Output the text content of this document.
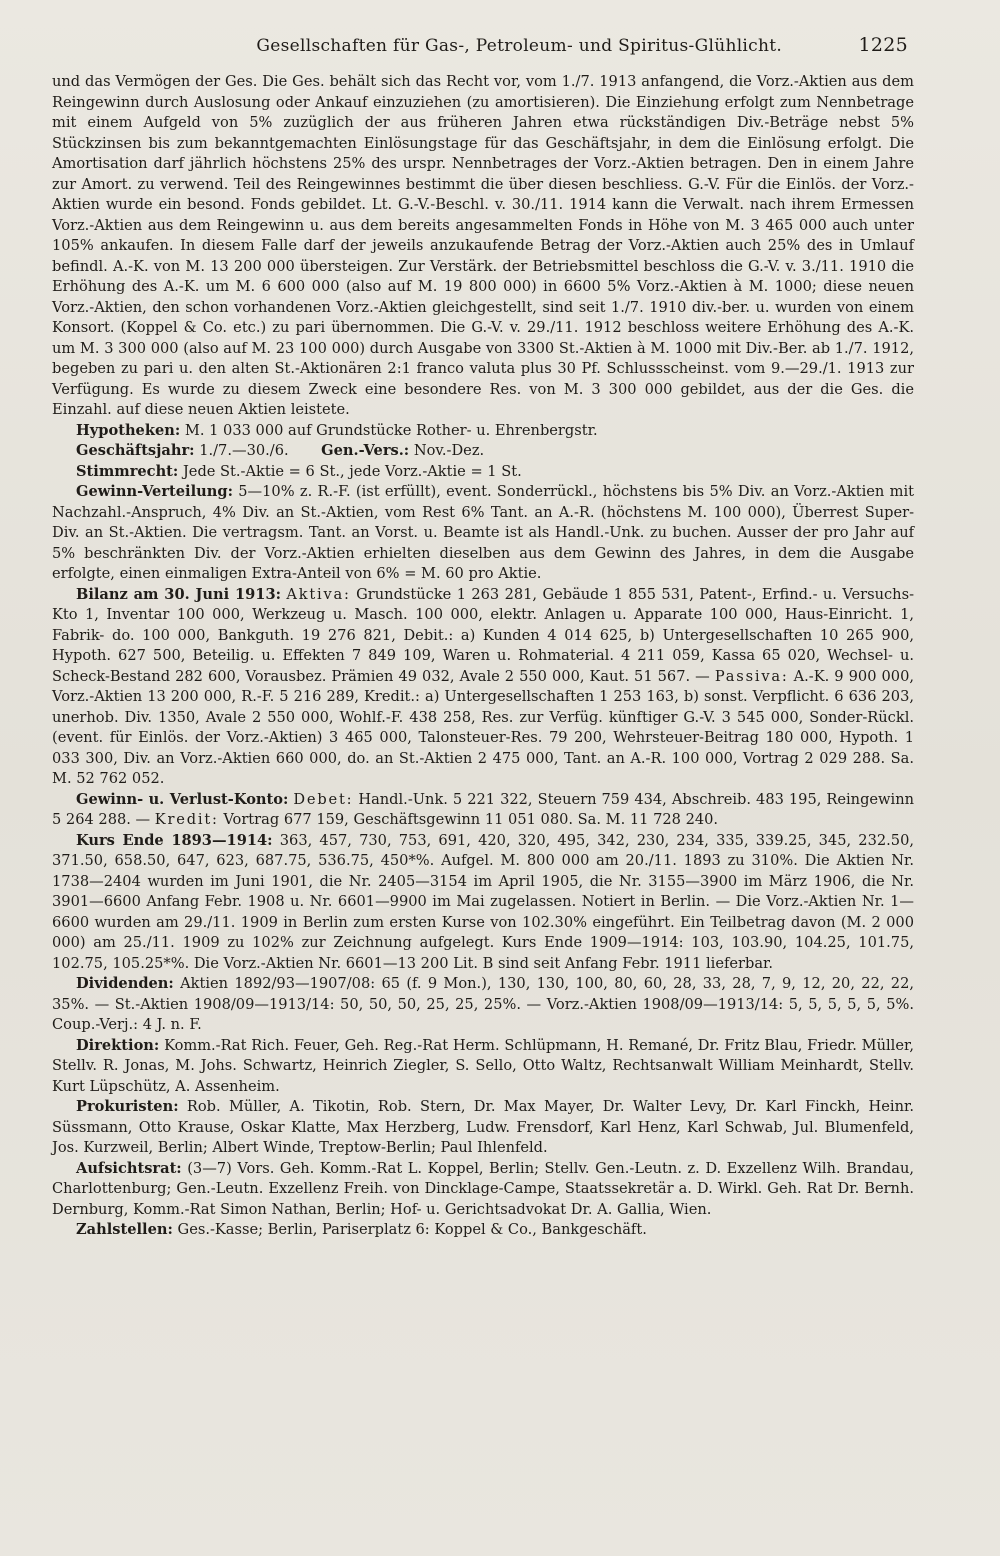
Gesellschaften für Gas-, Petroleum- und Spiritus-Glühlicht.	1225

und das Vermögen der Ges. Die Ges. behält sich das Recht vor, vom 1./7. 1913 anfangend, die Vorz.-Aktien aus dem Reingewinn durch Auslosung oder Ankauf einzuziehen (zu amortisieren). Die Einziehung erfolgt zum Nennbetrage mit einem Aufgeld von 5% zuzüglich der aus früheren Jahren etwa rückständigen Div.-Beträge nebst 5% Stückzinsen bis zum bekanntgemachten Einlösungstage für das Geschäftsjahr, in dem die Einlösung erfolgt. Die Amortisation darf jährlich höchstens 25% des urspr. Nennbetrages der Vorz.-Aktien betragen. Den in einem Jahre zur Amort. zu verwend. Teil des Reingewinnes bestimmt die über diesen beschliess. G.-V. Für die Einlös. der Vorz.-Aktien wurde ein besond. Fonds gebildet. Lt. G.-V.-Beschl. v. 30./11. 1914 kann die Verwalt. nach ihrem Ermessen Vorz.-Aktien aus dem Reingewinn u. aus dem bereits angesammelten Fonds in Höhe von M. 3 465 000 auch unter 105% ankaufen. In diesem Falle darf der jeweils anzukaufende Betrag der Vorz.-Aktien auch 25% des in Umlauf befindl. A.-K. von M. 13 200 000 übersteigen. Zur Verstärk. der Betriebsmittel beschloss die G.-V. v. 3./11. 1910 die Erhöhung des A.-K. um M. 6 600 000 (also auf M. 19 800 000) in 6600 5% Vorz.-Aktien à M. 1000; diese neuen Vorz.-Aktien, den schon vorhandenen Vorz.-Aktien gleichgestellt, sind seit 1./7. 1910 div.-ber. u. wurden von einem Konsort. (Koppel & Co. etc.) zu pari übernommen. Die G.-V. v. 29./11. 1912 beschloss weitere Erhöhung des A.-K. um M. 3 300 000 (also auf M. 23 100 000) durch Ausgabe von 3300 St.-Aktien à M. 1000 mit Div.-Ber. ab 1./7. 1912, begeben zu pari u. den alten St.-Aktionären 2:1 franco valuta plus 30 Pf. Schlussscheinst. vom 9.—29./1. 1913 zur Verfügung. Es wurde zu diesem Zweck eine besondere Res. von M. 3 300 000 gebildet, aus der die Ges. die Einzahl. auf diese neuen Aktien leistete.

Hypotheken: M. 1 033 000 auf Grundstücke Rother- u. Ehrenbergstr.

Geschäftsjahr: 1./7.—30./6. Gen.-Vers.: Nov.-Dez.

Stimmrecht: Jede St.-Aktie = 6 St., jede Vorz.-Aktie = 1 St.

Gewinn-Verteilung: 5—10% z. R.-F. (ist erfüllt), event. Sonderrückl., höchstens bis 5% Div. an Vorz.-Aktien mit Nachzahl.-Anspruch, 4% Div. an St.-Aktien, vom Rest 6% Tant. an A.-R. (höchstens M. 100 000), Überrest Super-Div. an St.-Aktien. Die vertragsm. Tant. an Vorst. u. Beamte ist als Handl.-Unk. zu buchen. Ausser der pro Jahr auf 5% beschränkten Div. der Vorz.-Aktien erhielten dieselben aus dem Gewinn des Jahres, in dem die Ausgabe erfolgte, einen einmaligen Extra-Anteil von 6% = M. 60 pro Aktie.

Bilanz am 30. Juni 1913: Aktiva: Grundstücke 1 263 281, Gebäude 1 855 531, Patent-, Erfind.- u. Versuchs-Kto 1, Inventar 100 000, Werkzeug u. Masch. 100 000, elektr. Anlagen u. Apparate 100 000, Haus-Einricht. 1, Fabrik- do. 100 000, Bankguth. 19 276 821, Debit.: a) Kunden 4 014 625, b) Untergesellschaften 10 265 900, Hypoth. 627 500, Beteilig. u. Effekten 7 849 109, Waren u. Rohmaterial. 4 211 059, Kassa 65 020, Wechsel- u. Scheck-Bestand 282 600, Vorausbez. Prämien 49 032, Avale 2 550 000, Kaut. 51 567. — Passiva: A.-K. 9 900 000, Vorz.-Aktien 13 200 000, R.-F. 5 216 289, Kredit.: a) Untergesellschaften 1 253 163, b) sonst. Verpflicht. 6 636 203, unerhob. Div. 1350, Avale 2 550 000, Wohlf.-F. 438 258, Res. zur Verfüg. künftiger G.-V. 3 545 000, Sonder-Rückl. (event. für Einlös. der Vorz.-Aktien) 3 465 000, Talonsteuer-Res. 79 200, Wehrsteuer-Beitrag 180 000, Hypoth. 1 033 300, Div. an Vorz.-Aktien 660 000, do. an St.-Aktien 2 475 000, Tant. an A.-R. 100 000, Vortrag 2 029 288. Sa. M. 52 762 052.

Gewinn- u. Verlust-Konto: Debet: Handl.-Unk. 5 221 322, Steuern 759 434, Abschreib. 483 195, Reingewinn 5 264 288. — Kredit: Vortrag 677 159, Geschäftsgewinn 11 051 080. Sa. M. 11 728 240.

Kurs Ende 1893—1914: 363, 457, 730, 753, 691, 420, 320, 495, 342, 230, 234, 335, 339.25, 345, 232.50, 371.50, 658.50, 647, 623, 687.75, 536.75, 450*%. Aufgel. M. 800 000 am 20./11. 1893 zu 310%. Die Aktien Nr. 1738—2404 wurden im Juni 1901, die Nr. 2405—3154 im April 1905, die Nr. 3155—3900 im März 1906, die Nr. 3901—6600 Anfang Febr. 1908 u. Nr. 6601—9900 im Mai zugelassen. Notiert in Berlin. — Die Vorz.-Aktien Nr. 1—6600 wurden am 29./11. 1909 in Berlin zum ersten Kurse von 102.30% eingeführt. Ein Teilbetrag davon (M. 2 000 000) am 25./11. 1909 zu 102% zur Zeichnung aufgelegt. Kurs Ende 1909—1914: 103, 103.90, 104.25, 101.75, 102.75, 105.25*%. Die Vorz.-Aktien Nr. 6601—13 200 Lit. B sind seit Anfang Febr. 1911 lieferbar.

Dividenden: Aktien 1892/93—1907/08: 65 (f. 9 Mon.), 130, 130, 100, 80, 60, 28, 33, 28, 7, 9, 12, 20, 22, 22, 35%. — St.-Aktien 1908/09—1913/14: 50, 50, 50, 25, 25, 25%. — Vorz.-Aktien 1908/09—1913/14: 5, 5, 5, 5, 5, 5%. Coup.-Verj.: 4 J. n. F.

Direktion: Komm.-Rat Rich. Feuer, Geh. Reg.-Rat Herm. Schlüpmann, H. Remané, Dr. Fritz Blau, Friedr. Müller, Stellv. R. Jonas, M. Johs. Schwartz, Heinrich Ziegler, S. Sello, Otto Waltz, Rechtsanwalt William Meinhardt, Stellv. Kurt Lüpschütz, A. Assenheim.

Prokuristen: Rob. Müller, A. Tikotin, Rob. Stern, Dr. Max Mayer, Dr. Walter Levy, Dr. Karl Finckh, Heinr. Süssmann, Otto Krause, Oskar Klatte, Max Herzberg, Ludw. Frensdorf, Karl Henz, Karl Schwab, Jul. Blumenfeld, Jos. Kurzweil, Berlin; Albert Winde, Treptow-Berlin; Paul Ihlenfeld.

Aufsichtsrat: (3—7) Vors. Geh. Komm.-Rat L. Koppel, Berlin; Stellv. Gen.-Leutn. z. D. Exzellenz Wilh. Brandau, Charlottenburg; Gen.-Leutn. Exzellenz Freih. von Dincklage-Campe, Staatssekretär a. D. Wirkl. Geh. Rat Dr. Bernh. Dernburg, Komm.-Rat Simon Nathan, Berlin; Hof- u. Gerichtsadvokat Dr. A. Gallia, Wien.

Zahlstellen: Ges.-Kasse; Berlin, Pariserplatz 6: Koppel & Co., Bankgeschäft.
